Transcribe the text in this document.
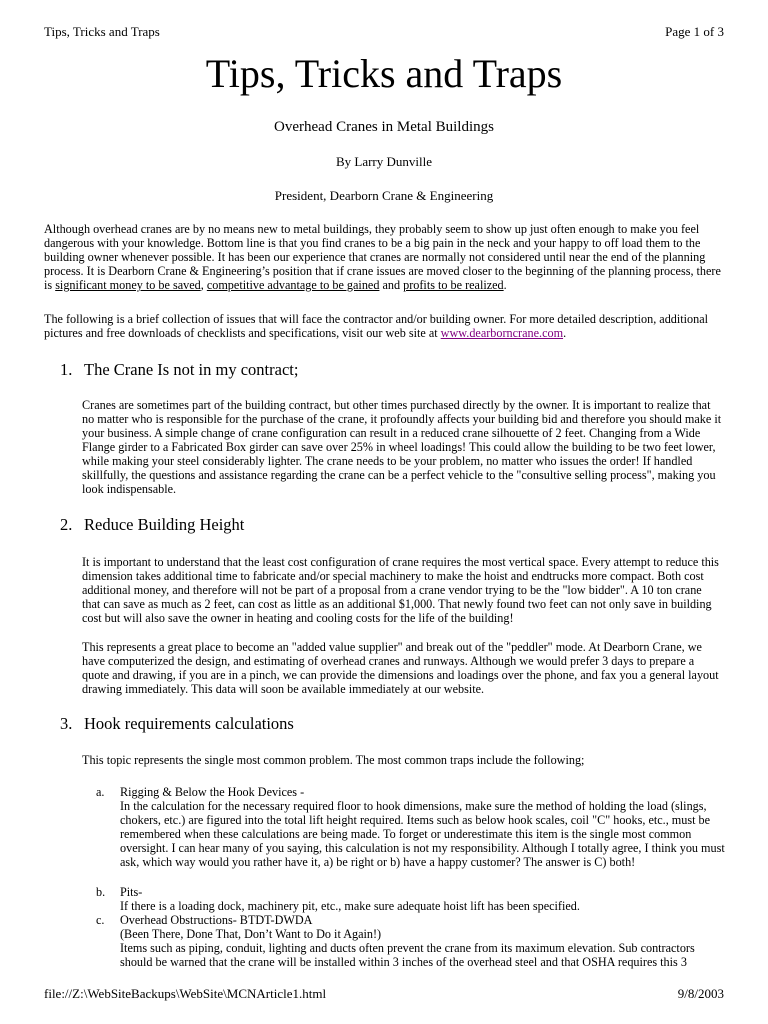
Tips, Tricks and Traps	Page 1 of 3
Tips, Tricks and Traps
Overhead Cranes in Metal Buildings
By Larry Dunville
President, Dearborn Crane & Engineering

Although overhead cranes are by no means new to metal buildings, they probably seem to show up just often enough to make you feel dangerous with your knowledge. Bottom line is that you find cranes to be a big pain in the neck and your happy to off load them to the building owner whenever possible. It has been our experience that cranes are normally not considered until near the end of the planning process. It is Dearborn Crane & Engineering’s position that if crane issues are moved closer to the beginning of the planning process, there is significant money to be saved, competitive advantage to be gained and profits to be realized.

The following is a brief collection of issues that will face the contractor and/or building owner. For more detailed description, additional pictures and free downloads of checklists and specifications, visit our web site at www.dearborncrane.com.

1. The Crane Is not in my contract;

Cranes are sometimes part of the building contract, but other times purchased directly by the owner. It is important to realize that no matter who is responsible for the purchase of the crane, it profoundly affects your building bid and therefore you should make it your business. A simple change of crane configuration can result in a reduced crane silhouette of 2 feet. Changing from a Wide Flange girder to a Fabricated Box girder can save over 25% in wheel loadings! This could allow the building to be two feet lower, while making your steel considerably lighter. The crane needs to be your problem, no matter who issues the order! If handled skillfully, the questions and assistance regarding the crane can be a perfect vehicle to the "consultive selling process", making you look indispensable.

2. Reduce Building Height

It is important to understand that the least cost configuration of crane requires the most vertical space. Every attempt to reduce this dimension takes additional time to fabricate and/or special machinery to make the hoist and endtrucks more compact. Both cost additional money, and therefore will not be part of a proposal from a crane vendor trying to be the "low bidder". A 10 ton crane that can save as much as 2 feet, can cost as little as an additional $1,000. That newly found two feet can not only save in building cost but will also save the owner in heating and cooling costs for the life of the building!

This represents a great place to become an "added value supplier" and break out of the "peddler" mode. At Dearborn Crane, we have computerized the design, and estimating of overhead cranes and runways. Although we would prefer 3 days to prepare a quote and drawing, if you are in a pinch, we can provide the dimensions and loadings over the phone, and fax you a general layout drawing immediately. This data will soon be available immediately at our website.

3. Hook requirements calculations

This topic represents the single most common problem. The most common traps include the following;

a. Rigging & Below the Hook Devices -
In the calculation for the necessary required floor to hook dimensions, make sure the method of holding the load (slings, chokers, etc.) are figured into the total lift height required. Items such as below hook scales, coil "C" hooks, etc., must be remembered when these calculations are being made. To forget or underestimate this item is the single most common oversight. I can hear many of you saying, this calculation is not my responsibility. Although I totally agree, I think you must ask, which way would you rather have it, a) be right or b) have a happy customer? The answer is C) both!
b. Pits-
If there is a loading dock, machinery pit, etc., make sure adequate hoist lift has been specified.
c. Overhead Obstructions- BTDT-DWDA
(Been There, Done That, Don’t Want to Do it Again!)
Items such as piping, conduit, lighting and ducts often prevent the crane from its maximum elevation. Sub contractors should be warned that the crane will be installed within 3 inches of the overhead steel and that OSHA requires this 3
file://Z:\WebSiteBackups\WebSite\MCNArticle1.html	9/8/2003
